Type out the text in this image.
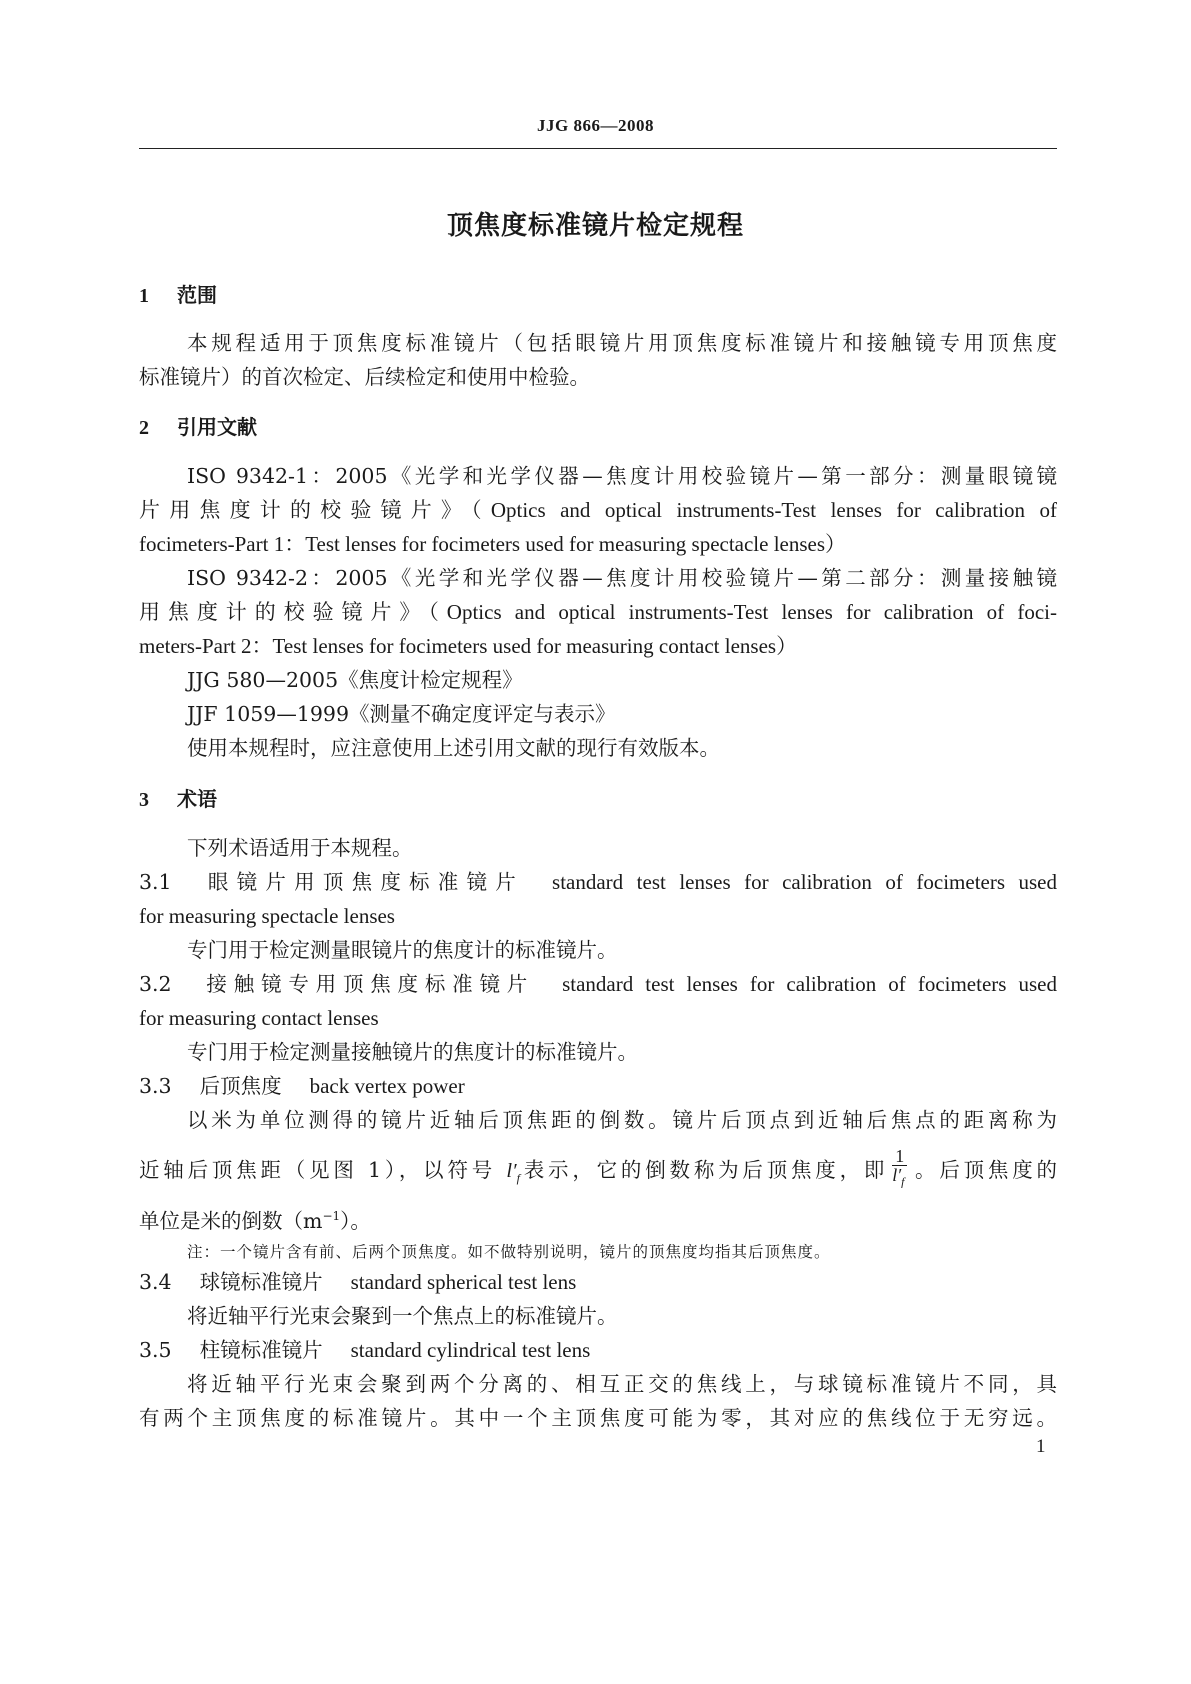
JJG 866—2008
顶焦度标准镜片检定规程
1 范围
本规程适用于顶焦度标准镜片（包括眼镜片用顶焦度标准镜片和接触镜专用顶焦度
标准镜片）的首次检定、后续检定和使用中检验。
2 引用文献
ISO 9342-1：2005《光学和光学仪器—焦度计用校验镜片—第一部分：测量眼镜镜
片用焦度计的校验镜片》（Optics and optical instruments-Test lenses for calibration of
focimeters-Part 1：Test lenses for focimeters used for measuring spectacle lenses）
ISO 9342-2：2005《光学和光学仪器—焦度计用校验镜片—第二部分：测量接触镜
用焦度计的校验镜片》（Optics and optical instruments-Test lenses for calibration of foci-
meters-Part 2：Test lenses for focimeters used for measuring contact lenses）
JJG 580—2005《焦度计检定规程》
JJF 1059—1999《测量不确定度评定与表示》
使用本规程时，应注意使用上述引用文献的现行有效版本。
3 术语
下列术语适用于本规程。
3.1 眼镜片用顶焦度标准镜片 standard test lenses for calibration of focimeters used
for measuring spectacle lenses
专门用于检定测量眼镜片的焦度计的标准镜片。
3.2 接触镜专用顶焦度标准镜片 standard test lenses for calibration of focimeters used
for measuring contact lenses
专门用于检定测量接触镜片的焦度计的标准镜片。
3.3 后顶焦度 back vertex power
以米为单位测得的镜片近轴后顶焦距的倒数。镜片后顶点到近轴后焦点的距离称为
近轴后顶焦距（见图 1），以符号 $l'_f$表示，它的倒数称为后顶焦度，即 $\frac{1}{l'_f}$ 。后顶焦度的
单位是米的倒数$(m^{-1})$。
注：一个镜片含有前、后两个顶焦度。如不做特别说明，镜片的顶焦度均指其后顶焦度。
3.4 球镜标准镜片 standard spherical test lens
将近轴平行光束会聚到一个焦点上的标准镜片。
3.5 柱镜标准镜片 standard cylindrical test lens
将近轴平行光束会聚到两个分离的、相互正交的焦线上，与球镜标准镜片不同，具
有两个主顶焦度的标准镜片。其中一个主顶焦度可能为零，其对应的焦线位于无穷远。
1
